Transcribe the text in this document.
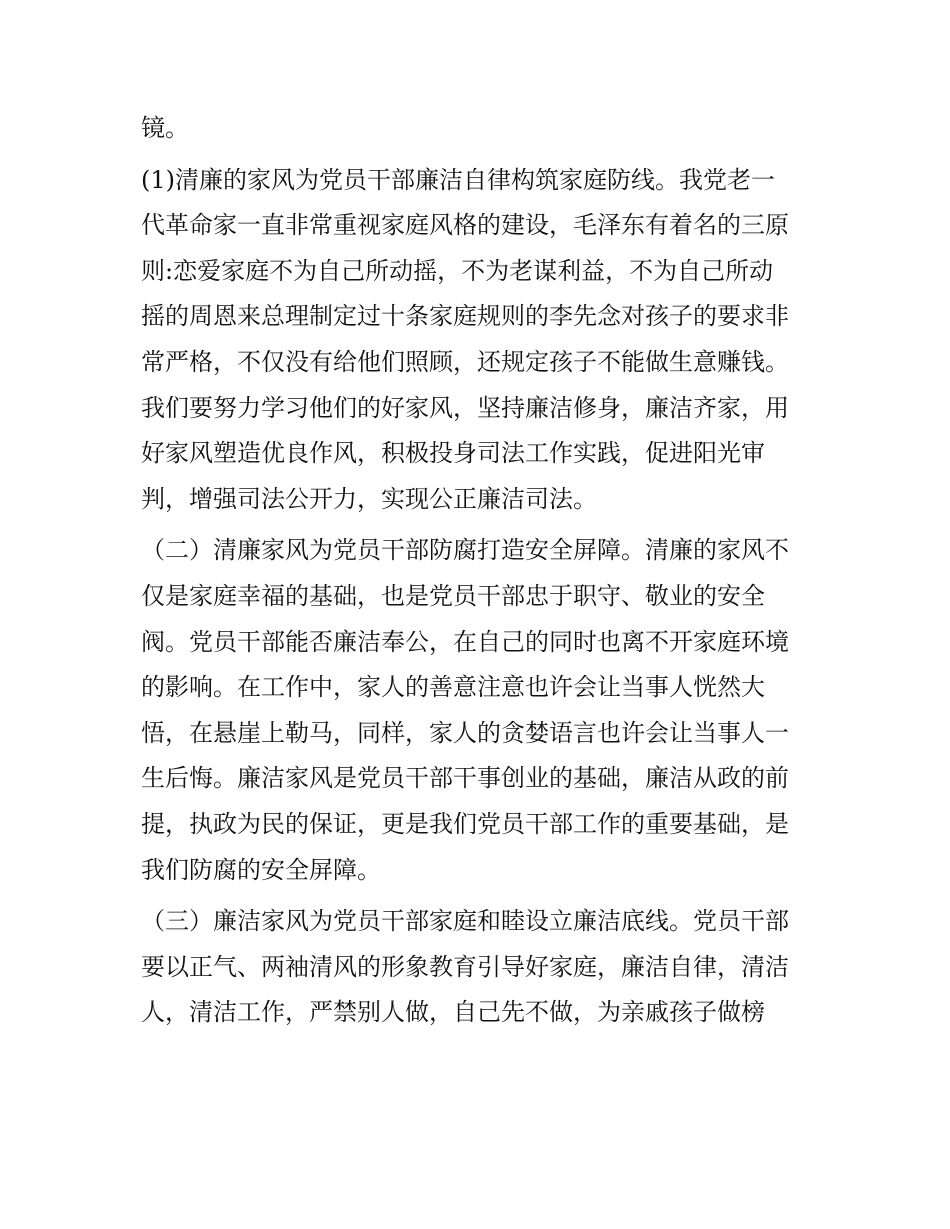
镜。
(1)清廉的家风为党员干部廉洁自律构筑家庭防线。我党老一
代革命家一直非常重视家庭风格的建设，毛泽东有着名的三原
则:恋爱家庭不为自己所动摇，不为老谋利益，不为自己所动
摇的周恩来总理制定过十条家庭规则的李先念对孩子的要求非
常严格，不仅没有给他们照顾，还规定孩子不能做生意赚钱。
我们要努力学习他们的好家风，坚持廉洁修身，廉洁齐家，用
好家风塑造优良作风，积极投身司法工作实践，促进阳光审
判，增强司法公开力，实现公正廉洁司法。
（二）清廉家风为党员干部防腐打造安全屏障。清廉的家风不
仅是家庭幸福的基础，也是党员干部忠于职守、敬业的安全
阀。党员干部能否廉洁奉公，在自己的同时也离不开家庭环境
的影响。在工作中，家人的善意注意也许会让当事人恍然大
悟，在悬崖上勒马，同样，家人的贪婪语言也许会让当事人一
生后悔。廉洁家风是党员干部干事创业的基础，廉洁从政的前
提，执政为民的保证，更是我们党员干部工作的重要基础，是
我们防腐的安全屏障。
（三）廉洁家风为党员干部家庭和睦设立廉洁底线。党员干部
要以正气、两袖清风的形象教育引导好家庭，廉洁自律，清洁
人，清洁工作，严禁别人做，自己先不做，为亲戚孩子做榜
